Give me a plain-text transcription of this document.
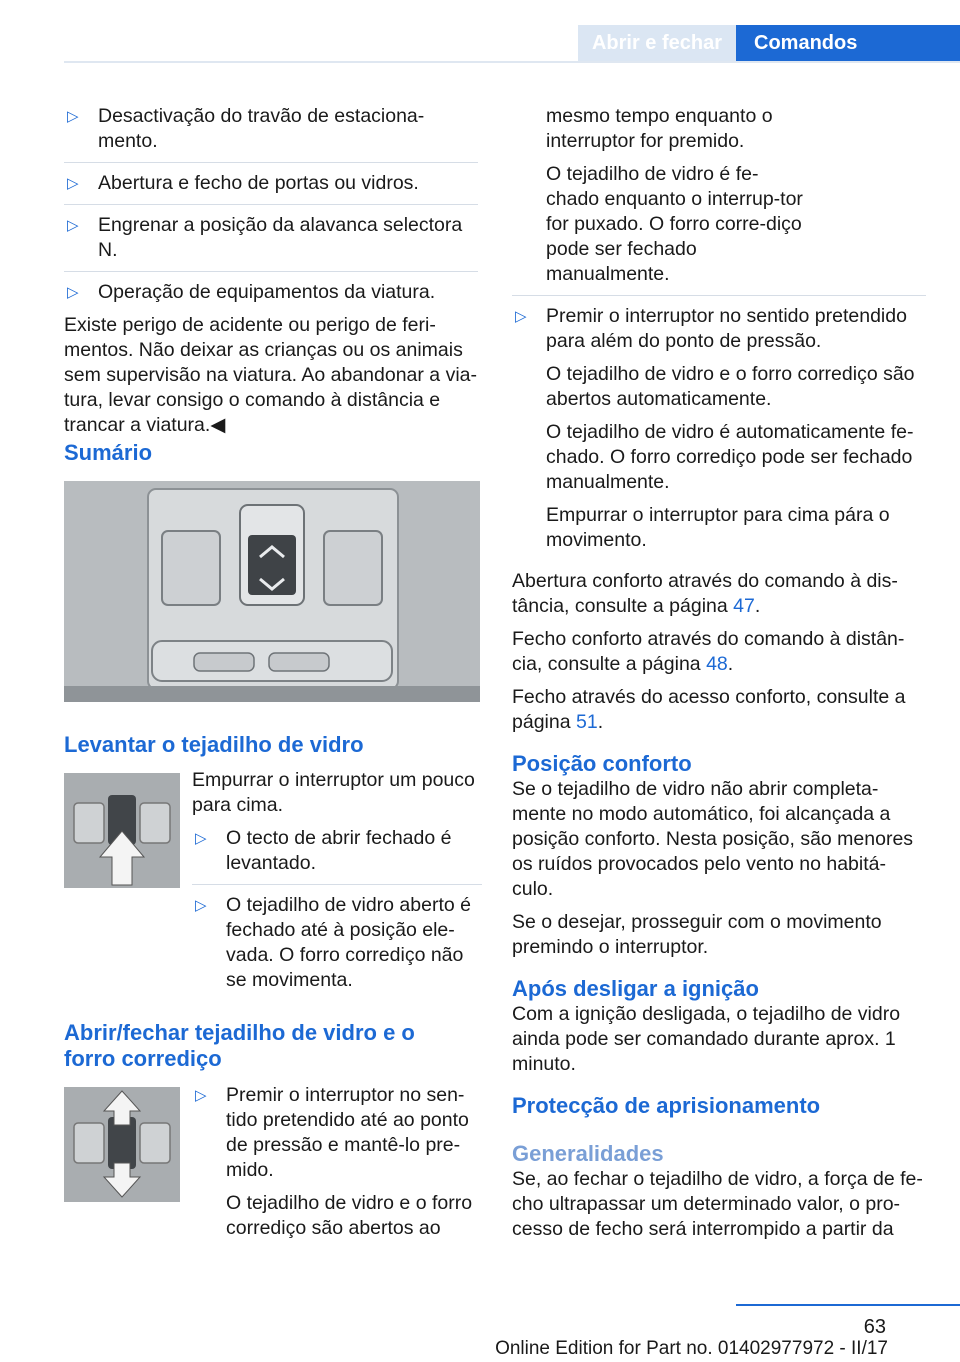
Abrir e fechar	Comandos
▷ Desactivação do travão de estaciona-mento.
▷ Abertura e fecho de portas ou vidros.
▷ Engrenar a posição da alavanca selectora N.
▷ Operação de equipamentos da viatura.

Existe perigo de acidente ou perigo de feri-mentos. Não deixar as crianças ou os animais sem supervisão na viatura. Ao abandonar a via-tura, levar consigo o comando à distância e trancar a viatura.◀

Sumário
Levantar o tejadilho de vidro

Empurrar o interruptor um pouco para cima.

▷ O tecto de abrir fechado é levantado.
▷ O tejadilho de vidro aberto é fechado até à posição ele-vada. O forro corrediço não se movimenta.
Abrir/fechar tejadilho de vidro e o forro corrediço
▷ Premir o interruptor no sen-tido pretendido até ao ponto de pressão e mantê-lo pre-mido.

O tejadilho de vidro e o forro corrediço são abertos ao

mesmo tempo enquanto o interruptor for premido.

O tejadilho de vidro é fe-chado enquanto o interrup-tor for puxado. O forro corre-diço pode ser fechado manualmente.

▷ Premir o interruptor no sentido pretendido para além do ponto de pressão.

O tejadilho de vidro e o forro corrediço são abertos automaticamente.

O tejadilho de vidro é automaticamente fe-chado. O forro corrediço pode ser fechado manualmente.

Empurrar o interruptor para cima pára o movimento.

Abertura conforto através do comando à dis-tância, consulte a página 47.

Fecho conforto através do comando à distân-cia, consulte a página 48.

Fecho através do acesso conforto, consulte a página 51.

Posição conforto

Se o tejadilho de vidro não abrir completa-mente no modo automático, foi alcançada a posição conforto. Nesta posição, são menores os ruídos provocados pelo vento no habitá-culo.

Se o desejar, prosseguir com o movimento premindo o interruptor.

Após desligar a ignição

Com a ignição desligada, o tejadilho de vidro ainda pode ser comandado durante aprox. 1 minuto.

Protecção de aprisionamento
Generalidades

Se, ao fechar o tejadilho de vidro, a força de fe-cho ultrapassar um determinado valor, o pro-cesso de fecho será interrompido a partir da

63
Online Edition for Part no. 01402977972 - II/17
